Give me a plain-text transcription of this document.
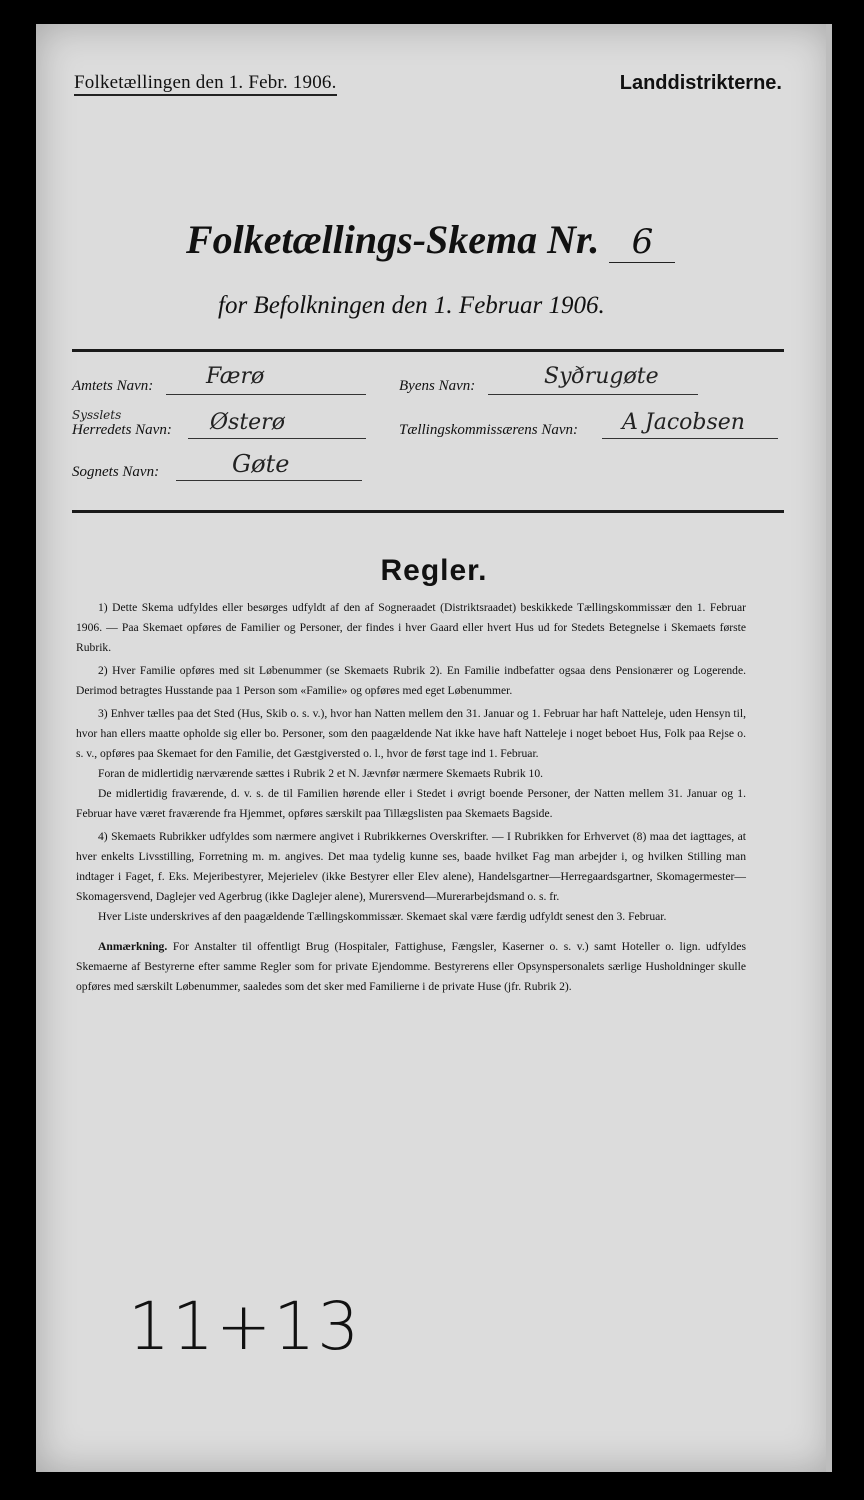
Folketællingen den 1. Febr. 1906.	Landdistrikterne.
Folketællings-Skema Nr. 6
for Befolkningen den 1. Februar 1906.
Amtets Navn: Færø
Sysslets
Herredets Navn: Østerø
Sognets Navn:	Gøte
Byens Navn:	Syðrugøte
Tællingskommissærens Navn: A Jacobsen
Regler.

1) Dette Skema udfyldes eller besørges udfyldt af den af Sogneraadet (Distriktsraadet) beskikkede Tællingskommissær den 1. Februar 1906. — Paa Skemaet opføres de Familier og Personer, der findes i hver Gaard eller hvert Hus ud for Stedets Betegnelse i Skemaets første Rubrik.

2) Hver Familie opføres med sit Løbenummer (se Skemaets Rubrik 2). En Familie indbefatter ogsaa dens Pensionærer og Logerende. Derimod betragtes Husstande paa 1 Person som «Familie» og opføres med eget Løbenummer.

3) Enhver tælles paa det Sted (Hus, Skib o. s. v.), hvor han Natten mellem den 31. Januar og 1. Februar har haft Natteleje, uden Hensyn til, hvor han ellers maatte opholde sig eller bo. Personer, som den paagældende Nat ikke have haft Natteleje i noget beboet Hus, Folk paa Rejse o. s. v., opføres paa Skemaet for den Familie, det Gæstgiversted o. l., hvor de først tage ind 1. Februar.

Foran de midlertidig nærværende sættes i Rubrik 2 et N. Jævnfør nærmere Skemaets Rubrik 10.

De midlertidig fraværende, d. v. s. de til Familien hørende eller i Stedet i øvrigt boende Personer, der Natten mellem 31. Januar og 1. Februar have været fraværende fra Hjemmet, opføres særskilt paa Tillægslisten paa Skemaets Bagside.

4) Skemaets Rubrikker udfyldes som nærmere angivet i Rubrikkernes Overskrifter. — I Rubrikken for Erhvervet (8) maa det iagttages, at hver enkelts Livsstilling, Forretning m. m. angives. Det maa tydelig kunne ses, baade hvilket Fag man arbejder i, og hvilken Stilling man indtager i Faget, f. Eks. Mejeribestyrer, Mejerielev (ikke Bestyrer eller Elev alene), Handelsgartner—Herregaardsgartner, Skomagermester—Skomagersvend, Daglejer ved Agerbrug (ikke Daglejer alene), Murersvend—Murerarbejdsmand o. s. fr.

Hver Liste underskrives af den paagældende Tællingskommissær. Skemaet skal være færdig udfyldt senest den 3. Februar.

Anmærkning. For Anstalter til offentligt Brug (Hospitaler, Fattighuse, Fængsler, Kaserner o. s. v.) samt Hoteller o. lign. udfyldes Skemaerne af Bestyrerne efter samme Regler som for private Ejendomme. Bestyrerens eller Opsynspersonalets særlige Husholdninger skulle opføres med særskilt Løbenummer, saaledes som det sker med Familierne i de private Huse (jfr. Rubrik 2).

11+13
